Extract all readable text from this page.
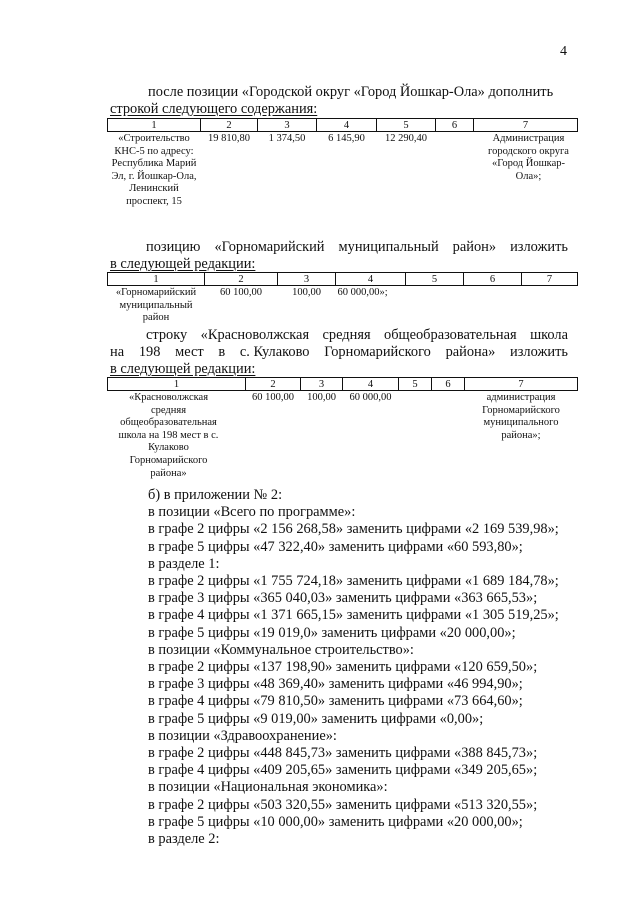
4
после позиции «Городской округ «Город Йошкар-Ола» дополнить
строкой следующего содержания:
1	2	3	4	5	6	7
«Строительство КНС-5 по адресу: Республика Марий Эл, г. Йошкар-Ола, Ленинский проспект, 15	19 810,80	1 374,50	6 145,90	12 290,40		Администрация городского округа «Город Йошкар-Ола»;
позицию «Горномарийский муниципальный район» изложить
в следующей редакции:
1	2	3	4	5	6	7
«Горномарийский муниципальный район	60 100,00	100,00	60 000,00»;			
строку «Красноволжская средняя общеобразовательная школа
на 198 мест в с. Кулаково Горномарийского района» изложить
в следующей редакции:
1	2	3	4	5	6	7
«Красноволжская средняя общеобразовательная школа на 198 мест в с. Кулаково Горномарийского района»	60 100,00	100,00	60 000,00			администрация Горномарийского муниципального района»;
б) в приложении № 2:
в позиции «Всего по программе»:
в графе 2 цифры «2 156 268,58» заменить цифрами «2 169 539,98»;
в графе 5 цифры «47 322,40» заменить цифрами «60 593,80»;
в разделе 1:
в графе 2 цифры «1 755 724,18» заменить цифрами «1 689 184,78»;
в графе 3 цифры «365 040,03» заменить цифрами «363 665,53»;
в графе 4 цифры «1 371 665,15» заменить цифрами «1 305 519,25»;
в графе 5 цифры «19 019,0» заменить цифрами «20 000,00»;
в позиции «Коммунальное строительство»:
в графе 2 цифры «137 198,90» заменить цифрами «120 659,50»;
в графе 3 цифры «48 369,40» заменить цифрами «46 994,90»;
в графе 4 цифры «79 810,50» заменить цифрами «73 664,60»;
в графе 5 цифры «9 019,00» заменить цифрами «0,00»;
в позиции «Здравоохранение»:
в графе 2 цифры «448 845,73» заменить цифрами «388 845,73»;
в графе 4 цифры «409 205,65» заменить цифрами «349 205,65»;
в позиции «Национальная экономика»:
в графе 2 цифры «503 320,55» заменить цифрами «513 320,55»;
в графе 5 цифры «10 000,00» заменить цифрами «20 000,00»;
в разделе 2:
